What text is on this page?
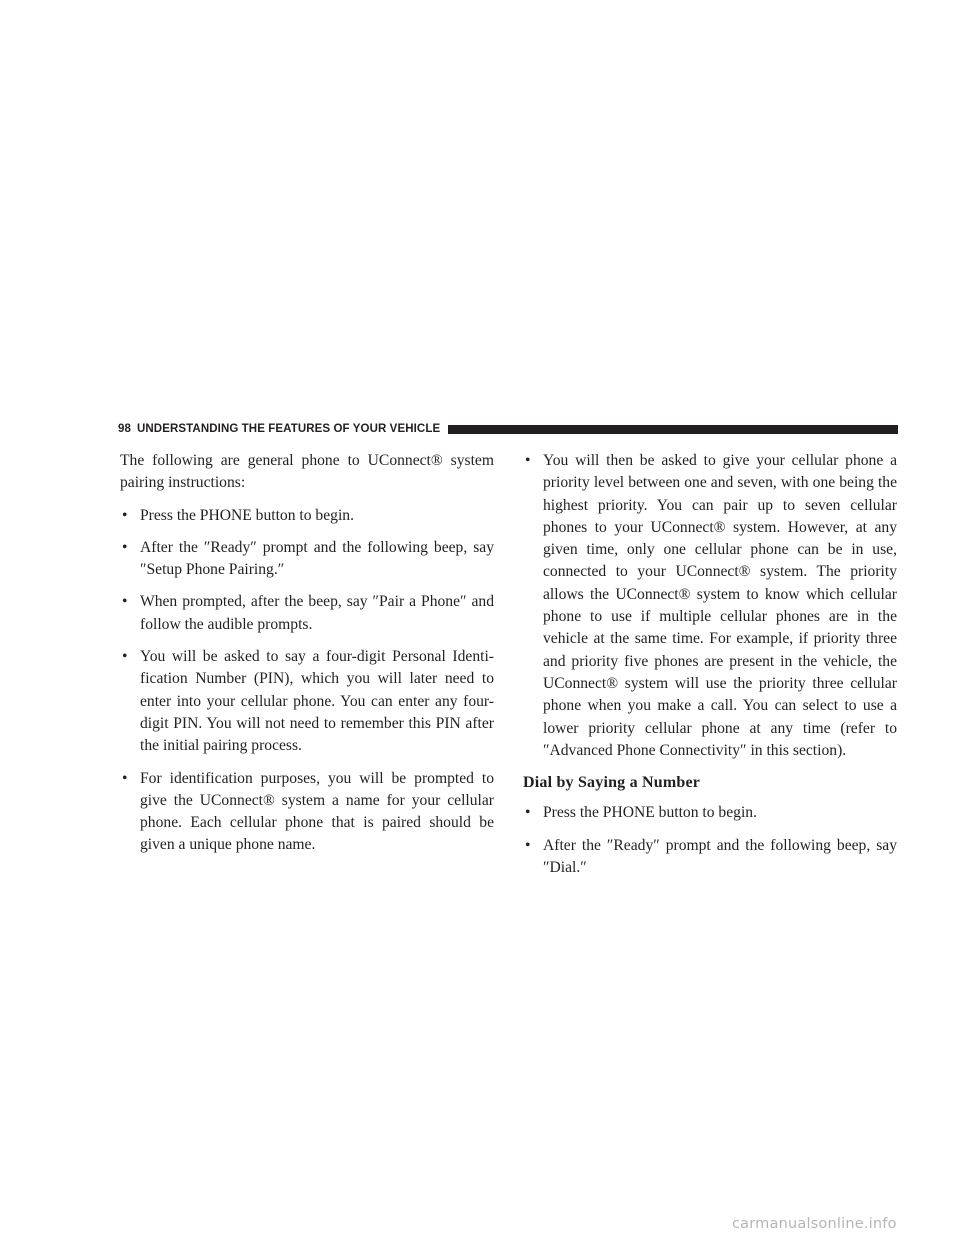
98 UNDERSTANDING THE FEATURES OF YOUR VEHICLE

The following are general phone to UConnect® system pairing instructions:

• Press the PHONE button to begin.
• After the ″Ready″ prompt and the following beep, say ″Setup Phone Pairing.″
• When prompted, after the beep, say ″Pair a Phone″ and follow the audible prompts.
• You will be asked to say a four-digit Personal Identi-fication Number (PIN), which you will later need to enter into your cellular phone. You can enter any four-digit PIN. You will not need to remember this PIN after the initial pairing process.
• For identification purposes, you will be prompted to give the UConnect® system a name for your cellular phone. Each cellular phone that is paired should be given a unique phone name.
• You will then be asked to give your cellular phone a priority level between one and seven, with one being the highest priority. You can pair up to seven cellular phones to your UConnect® system. However, at any given time, only one cellular phone can be in use, connected to your UConnect® system. The priority allows the UConnect® system to know which cellular phone to use if multiple cellular phones are in the vehicle at the same time. For example, if priority three and priority five phones are present in the vehicle, the UConnect® system will use the priority three cellular phone when you make a call. You can select to use a lower priority cellular phone at any time (refer to ″Advanced Phone Connectivity″ in this section).
Dial by Saying a Number
• Press the PHONE button to begin.
• After the ″Ready″ prompt and the following beep, say ″Dial.″
carmanualsonline.info
